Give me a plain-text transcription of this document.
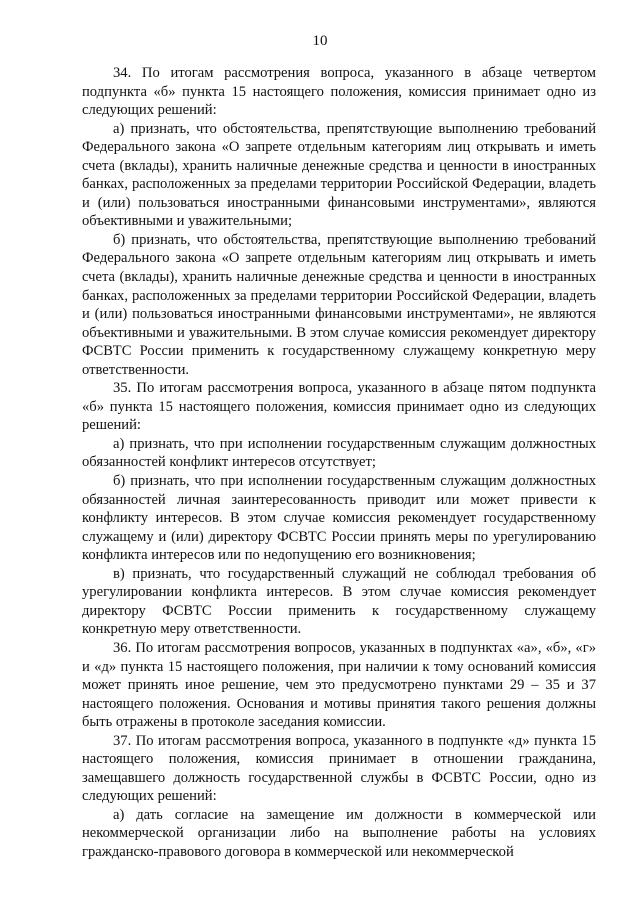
10

34. По итогам рассмотрения вопроса, указанного в абзаце четвертом подпункта «б» пункта 15 настоящего положения, комиссия принимает одно из следующих решений:

а) признать, что обстоятельства, препятствующие выполнению требований Федерального закона «О запрете отдельным категориям лиц открывать и иметь счета (вклады), хранить наличные денежные средства и ценности в иностранных банках, расположенных за пределами территории Российской Федерации, владеть и (или) пользоваться иностранными финансовыми инструментами», являются объективными и уважительными;

б) признать, что обстоятельства, препятствующие выполнению требований Федерального закона «О запрете отдельным категориям лиц открывать и иметь счета (вклады), хранить наличные денежные средства и ценности в иностранных банках, расположенных за пределами территории Российской Федерации, владеть и (или) пользоваться иностранными финансовыми инструментами», не являются объективными и уважительными. В этом случае комиссия рекомендует директору ФСВТС России применить к государственному служащему конкретную меру ответственности.

35. По итогам рассмотрения вопроса, указанного в абзаце пятом подпункта «б» пункта 15 настоящего положения, комиссия принимает одно из следующих решений:

а) признать, что при исполнении государственным служащим должностных обязанностей конфликт интересов отсутствует;

б) признать, что при исполнении государственным служащим должностных обязанностей личная заинтересованность приводит или может привести к конфликту интересов. В этом случае комиссия рекомендует государственному служащему и (или) директору ФСВТС России принять меры по урегулированию конфликта интересов или по недопущению его возникновения;

в) признать, что государственный служащий не соблюдал требования об урегулировании конфликта интересов. В этом случае комиссия рекомендует директору ФСВТС России применить к государственному служащему конкретную меру ответственности.

36. По итогам рассмотрения вопросов, указанных в подпунктах «а», «б», «г» и «д» пункта 15 настоящего положения, при наличии к тому оснований комиссия может принять иное решение, чем это предусмотрено пунктами 29 – 35 и 37 настоящего положения. Основания и мотивы принятия такого решения должны быть отражены в протоколе заседания комиссии.

37. По итогам рассмотрения вопроса, указанного в подпункте «д» пункта 15 настоящего положения, комиссия принимает в отношении гражданина, замещавшего должность государственной службы в ФСВТС России, одно из следующих решений:

а) дать согласие на замещение им должности в коммерческой или некоммерческой организации либо на выполнение работы на условиях гражданско-правового договора в коммерческой или некоммерческой
